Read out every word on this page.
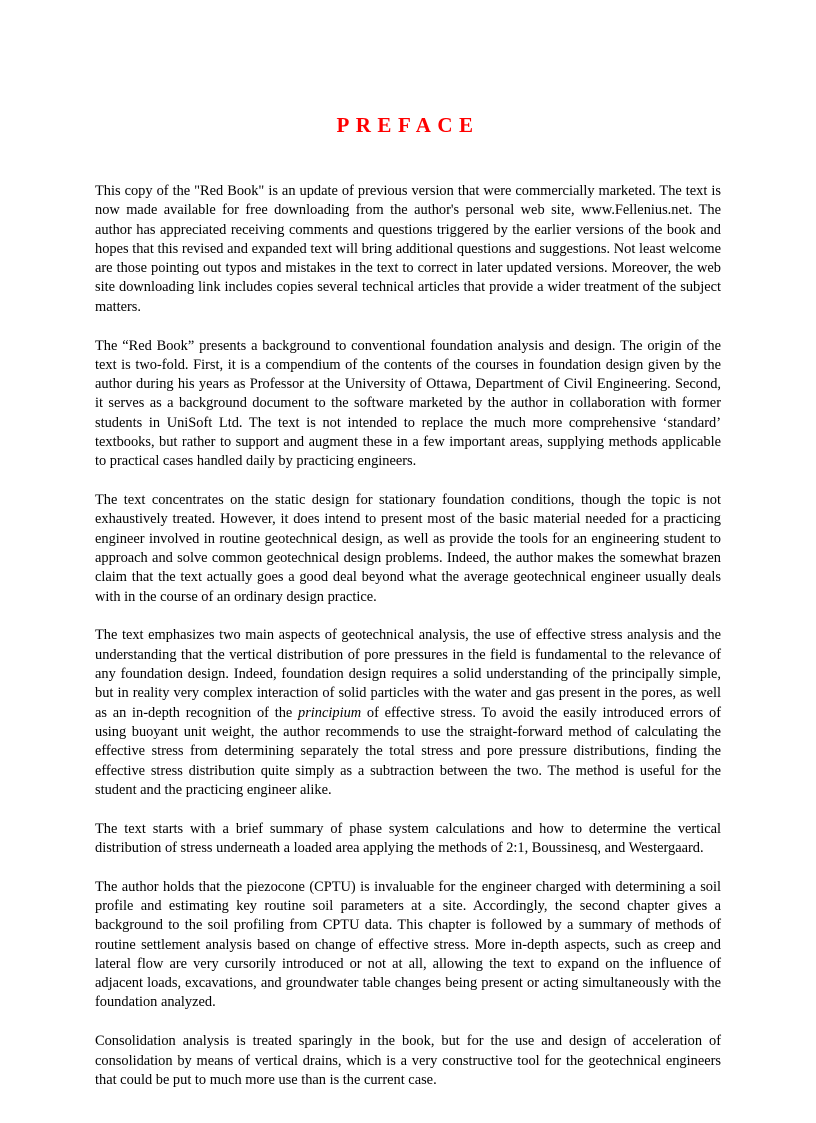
PREFACE

This copy of the "Red Book" is an update of previous version that were commercially marketed. The text is now made available for free downloading from the author's personal web site, www.Fellenius.net. The author has appreciated receiving comments and questions triggered by the earlier versions of the book and hopes that this revised and expanded text will bring additional questions and suggestions. Not least welcome are those pointing out typos and mistakes in the text to correct in later updated versions. Moreover, the web site downloading link includes copies several technical articles that provide a wider treatment of the subject matters.

The “Red Book” presents a background to conventional foundation analysis and design. The origin of the text is two-fold. First, it is a compendium of the contents of the courses in foundation design given by the author during his years as Professor at the University of Ottawa, Department of Civil Engineering. Second, it serves as a background document to the software marketed by the author in collaboration with former students in UniSoft Ltd. The text is not intended to replace the much more comprehensive ‘standard’ textbooks, but rather to support and augment these in a few important areas, supplying methods applicable to practical cases handled daily by practicing engineers.

The text concentrates on the static design for stationary foundation conditions, though the topic is not exhaustively treated. However, it does intend to present most of the basic material needed for a practicing engineer involved in routine geotechnical design, as well as provide the tools for an engineering student to approach and solve common geotechnical design problems. Indeed, the author makes the somewhat brazen claim that the text actually goes a good deal beyond what the average geotechnical engineer usually deals with in the course of an ordinary design practice.

The text emphasizes two main aspects of geotechnical analysis, the use of effective stress analysis and the understanding that the vertical distribution of pore pressures in the field is fundamental to the relevance of any foundation design. Indeed, foundation design requires a solid understanding of the principally simple, but in reality very complex interaction of solid particles with the water and gas present in the pores, as well as an in-depth recognition of the principium of effective stress. To avoid the easily introduced errors of using buoyant unit weight, the author recommends to use the straight-forward method of calculating the effective stress from determining separately the total stress and pore pressure distributions, finding the effective stress distribution quite simply as a subtraction between the two. The method is useful for the student and the practicing engineer alike.

The text starts with a brief summary of phase system calculations and how to determine the vertical distribution of stress underneath a loaded area applying the methods of 2:1, Boussinesq, and Westergaard.

The author holds that the piezocone (CPTU) is invaluable for the engineer charged with determining a soil profile and estimating key routine soil parameters at a site. Accordingly, the second chapter gives a background to the soil profiling from CPTU data. This chapter is followed by a summary of methods of routine settlement analysis based on change of effective stress. More in-depth aspects, such as creep and lateral flow are very cursorily introduced or not at all, allowing the text to expand on the influence of adjacent loads, excavations, and groundwater table changes being present or acting simultaneously with the foundation analyzed.

Consolidation analysis is treated sparingly in the book, but for the use and design of acceleration of consolidation by means of vertical drains, which is a very constructive tool for the geotechnical engineers that could be put to much more use than is the current case.
